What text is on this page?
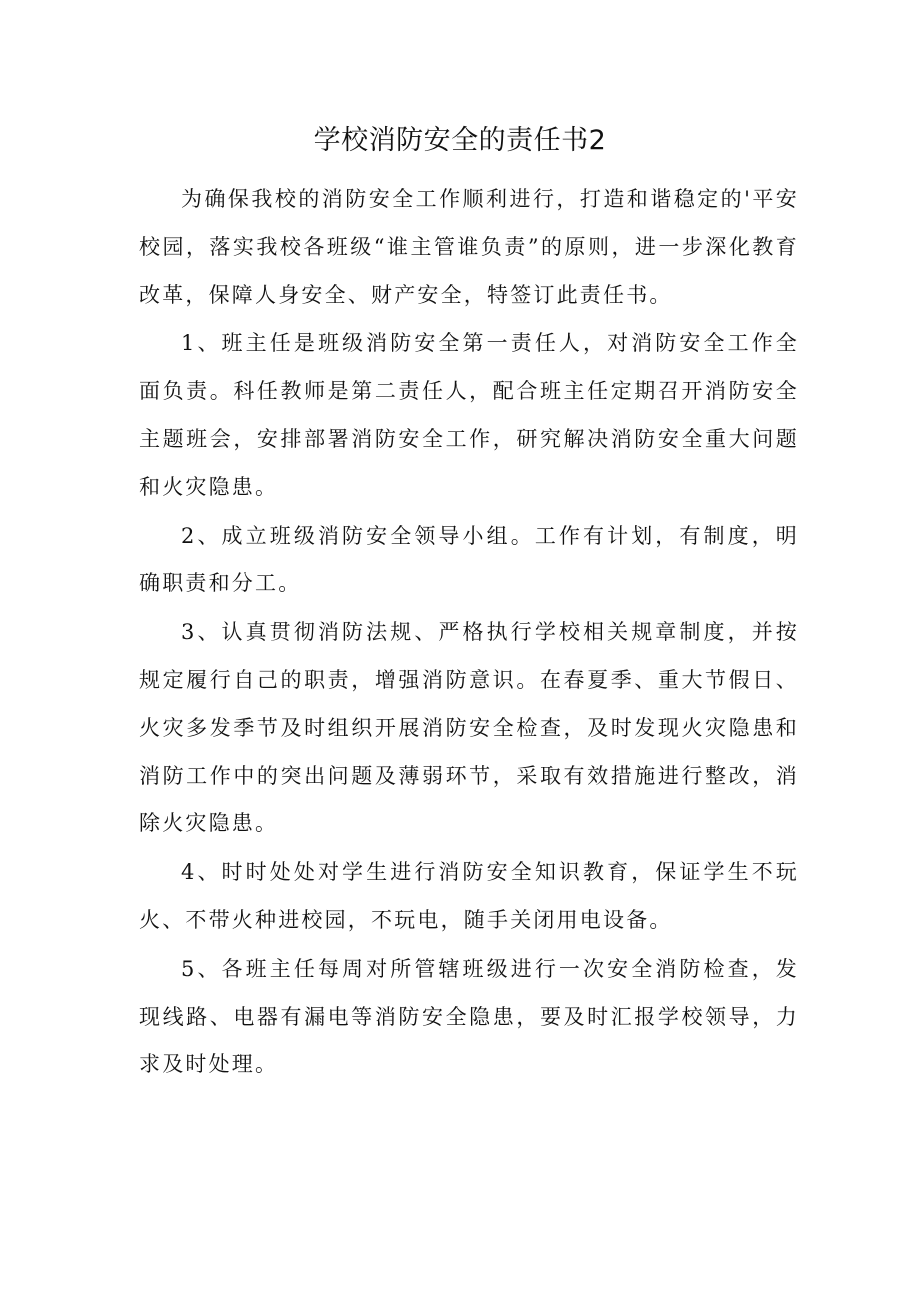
学校消防安全的责任书2

为确保我校的消防安全工作顺利进行，打造和谐稳定的'平安校园，落实我校各班级“谁主管谁负责”的原则，进一步深化教育改革，保障人身安全、财产安全，特签订此责任书。

1、班主任是班级消防安全第一责任人，对消防安全工作全面负责。科任教师是第二责任人，配合班主任定期召开消防安全主题班会，安排部署消防安全工作，研究解决消防安全重大问题和火灾隐患。

2、成立班级消防安全领导小组。工作有计划，有制度，明确职责和分工。

3、认真贯彻消防法规、严格执行学校相关规章制度，并按规定履行自己的职责，增强消防意识。在春夏季、重大节假日、火灾多发季节及时组织开展消防安全检查，及时发现火灾隐患和消防工作中的突出问题及薄弱环节，采取有效措施进行整改，消除火灾隐患。

4、时时处处对学生进行消防安全知识教育，保证学生不玩火、不带火种进校园，不玩电，随手关闭用电设备。

5、各班主任每周对所管辖班级进行一次安全消防检查，发现线路、电器有漏电等消防安全隐患，要及时汇报学校领导，力求及时处理。
